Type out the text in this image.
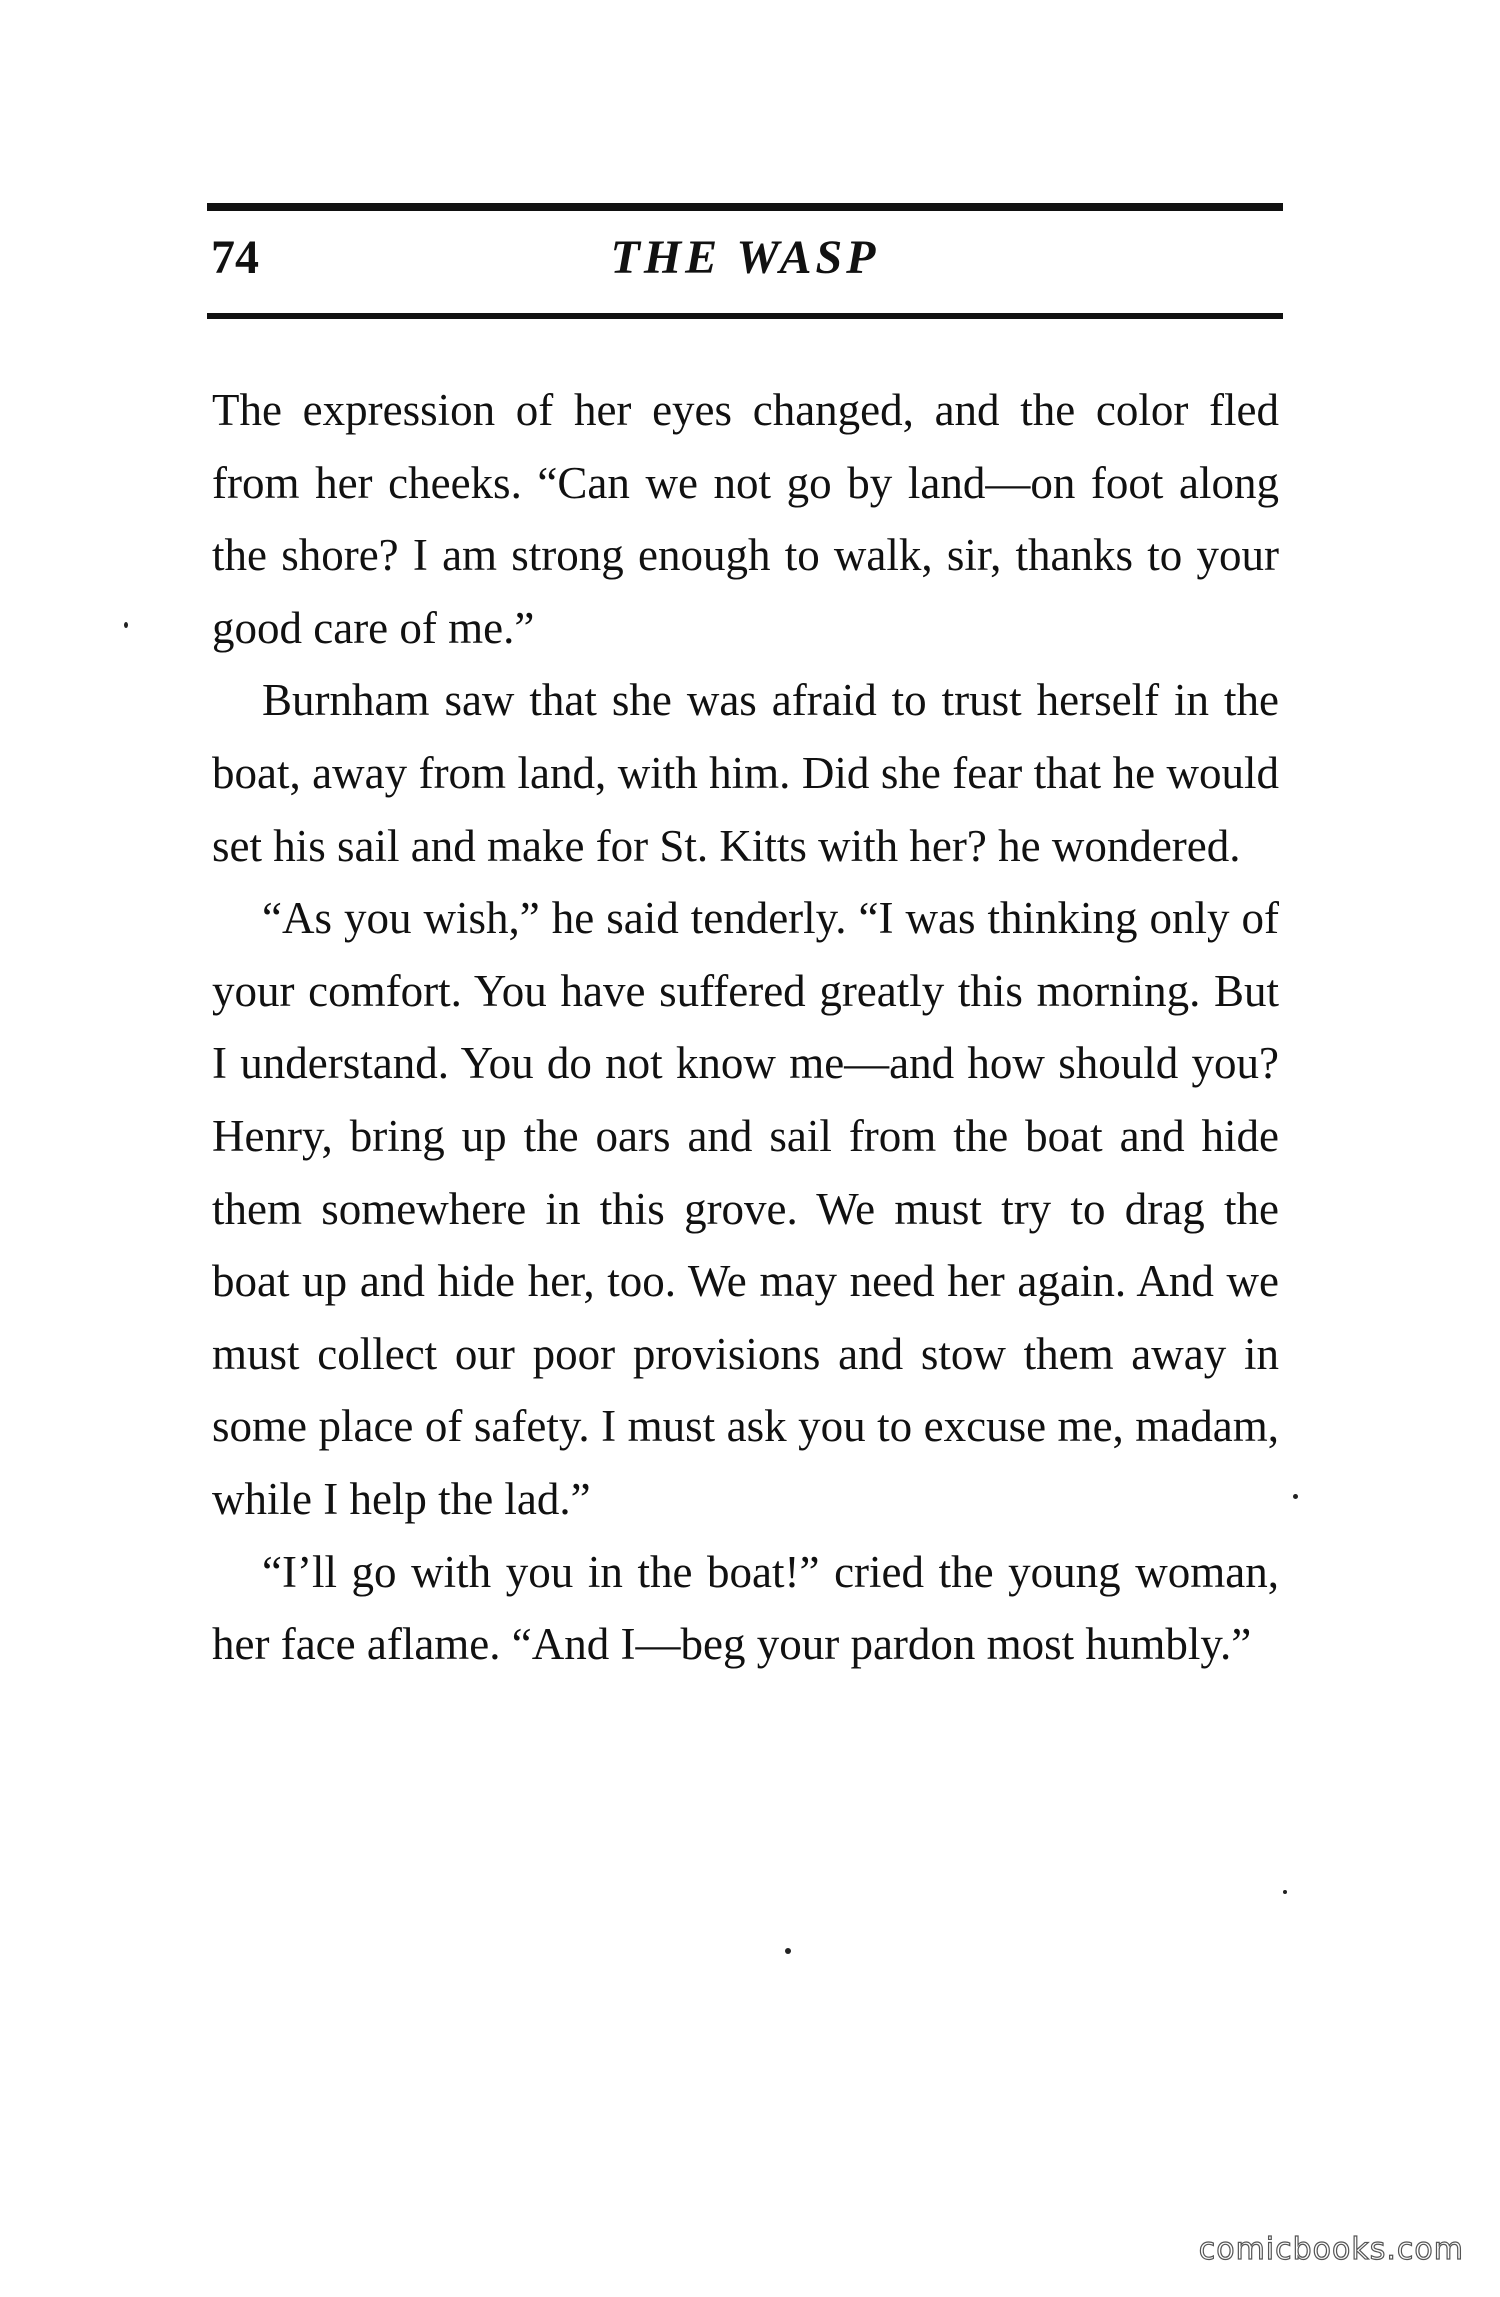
74	THE WASP

The expression of her eyes changed, and the color fled from her cheeks. “Can we not go by land—on foot along the shore? I am strong enough to walk, sir, thanks to your good care of me.”

Burnham saw that she was afraid to trust herself in the boat, away from land, with him. Did she fear that he would set his sail and make for St. Kitts with her? he wondered.

“As you wish,” he said tenderly. “I was thinking only of your comfort. You have suffered greatly this morning. But I understand. You do not know me—and how should you? Henry, bring up the oars and sail from the boat and hide them somewhere in this grove. We must try to drag the boat up and hide her, too. We may need her again. And we must collect our poor provisions and stow them away in some place of safety. I must ask you to excuse me, madam, while I help the lad.”

“I’ll go with you in the boat!” cried the young woman, her face aflame. “And I—beg your pardon most humbly.”

comicbooks.com
